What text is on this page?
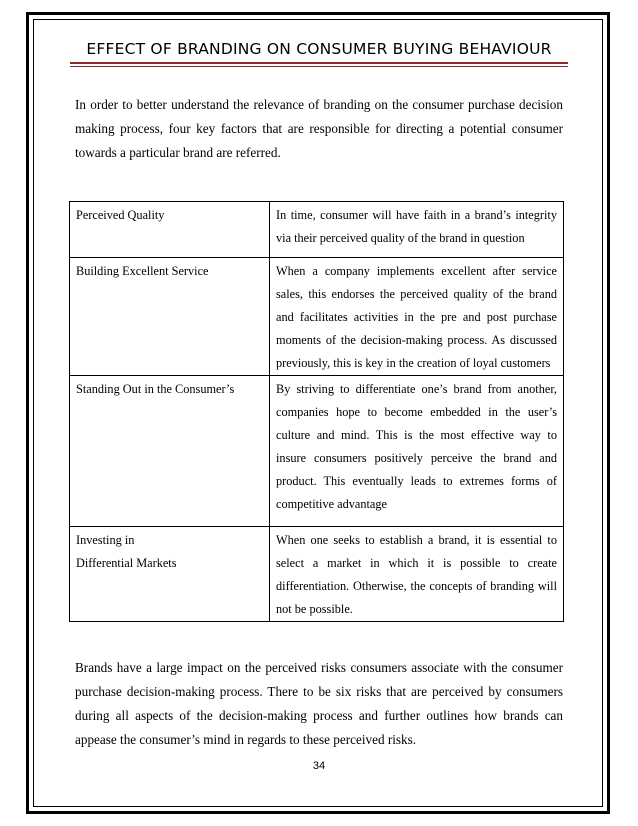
EFFECT OF BRANDING ON CONSUMER BUYING BEHAVIOUR

In order to better understand the relevance of branding on the consumer purchase decision making process, four key factors that are responsible for directing a potential consumer towards a particular brand are referred.

Perceived Quality	In time, consumer will have faith in a brand’s integrity via their perceived quality of the brand in question
Building Excellent Service	When a company implements excellent after service sales, this endorses the perceived quality of the brand and facilitates activities in the pre and post purchase moments of the decision-making process. As discussed previously, this is key in the creation of loyal customers
Standing Out in the Consumer’s	By striving to differentiate one’s brand from another, companies hope to become embedded in the user’s culture and mind. This is the most effective way to insure consumers positively perceive the brand and product. This eventually leads to extremes forms of competitive advantage
Investing in Differential Markets	When one seeks to establish a brand, it is essential to select a market in which it is possible to create differentiation. Otherwise, the concepts of branding will not be possible.

Brands have a large impact on the perceived risks consumers associate with the consumer purchase decision-making process. There to be six risks that are perceived by consumers during all aspects of the decision-making process and further outlines how brands can appease the consumer’s mind in regards to these perceived risks.

34
